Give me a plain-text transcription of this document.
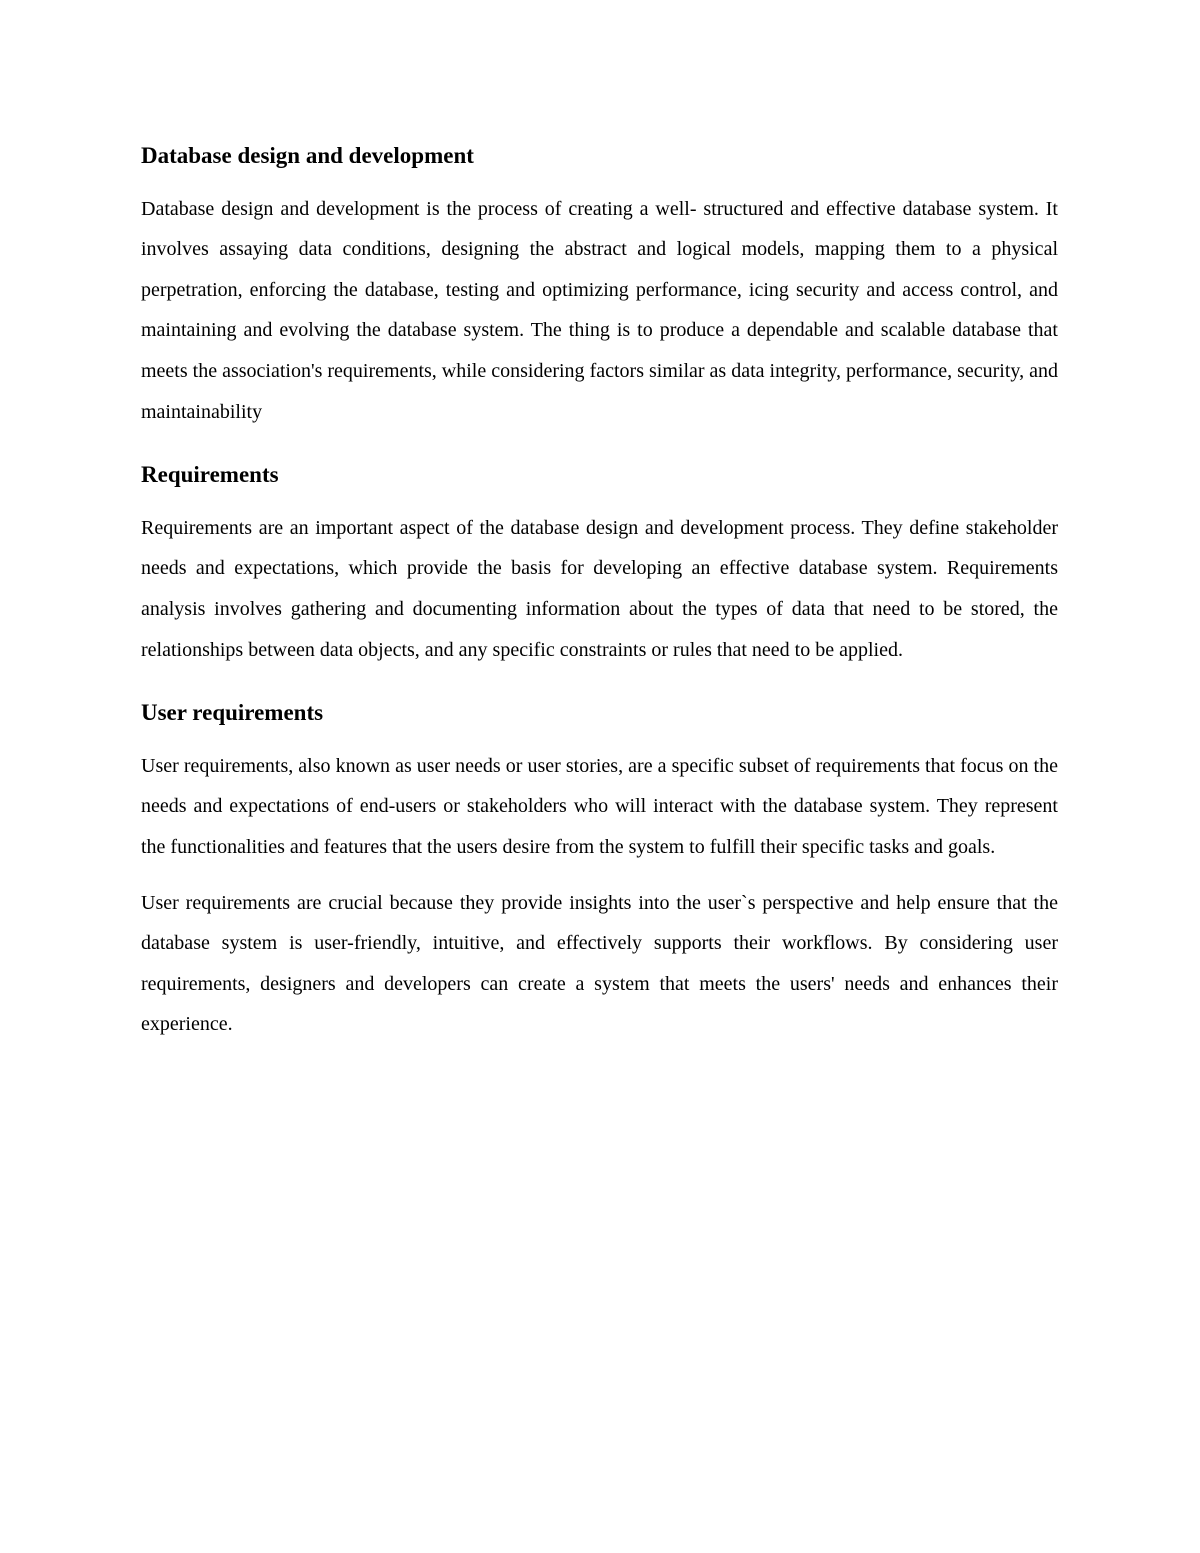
Database design and development

Database design and development is the process of creating a well- structured and effective database system. It involves assaying data conditions, designing the abstract and logical models, mapping them to a physical perpetration, enforcing the database, testing and optimizing performance, icing security and access control, and maintaining and evolving the database system. The thing is to produce a dependable and scalable database that meets the association's requirements, while considering factors similar as data integrity, performance, security, and maintainability

Requirements

Requirements are an important aspect of the database design and development process. They define stakeholder needs and expectations, which provide the basis for developing an effective database system. Requirements analysis involves gathering and documenting information about the types of data that need to be stored, the relationships between data objects, and any specific constraints or rules that need to be applied.

User requirements

User requirements, also known as user needs or user stories, are a specific subset of requirements that focus on the needs and expectations of end-users or stakeholders who will interact with the database system. They represent the functionalities and features that the users desire from the system to fulfill their specific tasks and goals.

User requirements are crucial because they provide insights into the user`s perspective and help ensure that the database system is user-friendly, intuitive, and effectively supports their workflows. By considering user requirements, designers and developers can create a system that meets the users' needs and enhances their experience.
